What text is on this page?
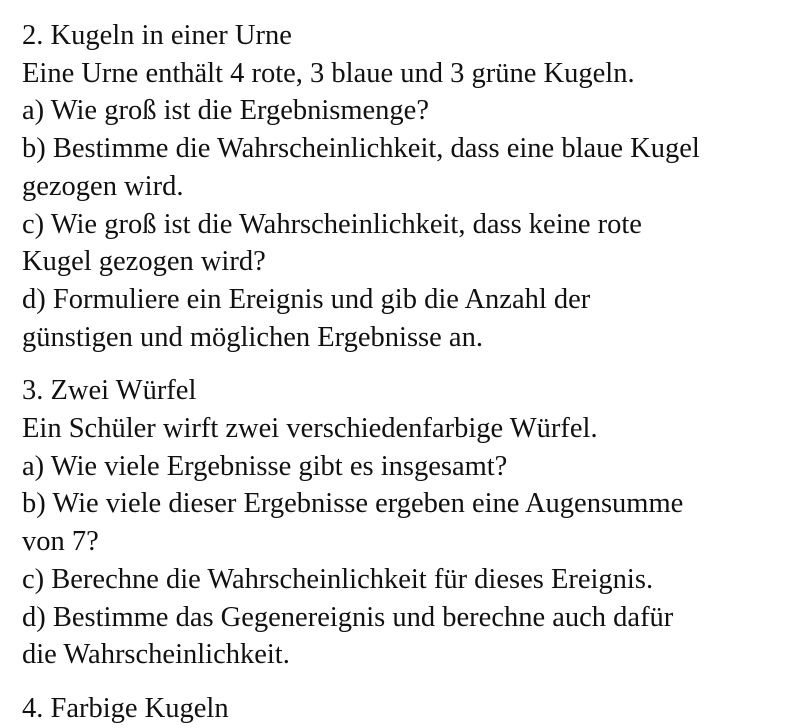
2. Kugeln in einer Urne
Eine Urne enthält 4 rote, 3 blaue und 3 grüne Kugeln.
a) Wie groß ist die Ergebnismenge?
b) Bestimme die Wahrscheinlichkeit, dass eine blaue Kugel
gezogen wird.
c) Wie groß ist die Wahrscheinlichkeit, dass keine rote
Kugel gezogen wird?
d) Formuliere ein Ereignis und gib die Anzahl der
günstigen und möglichen Ergebnisse an.
3. Zwei Würfel
Ein Schüler wirft zwei verschiedenfarbige Würfel.
a) Wie viele Ergebnisse gibt es insgesamt?
b) Wie viele dieser Ergebnisse ergeben eine Augensumme
von 7?
c) Berechne die Wahrscheinlichkeit für dieses Ereignis.
d) Bestimme das Gegenereignis und berechne auch dafür
die Wahrscheinlichkeit.
4. Farbige Kugeln
